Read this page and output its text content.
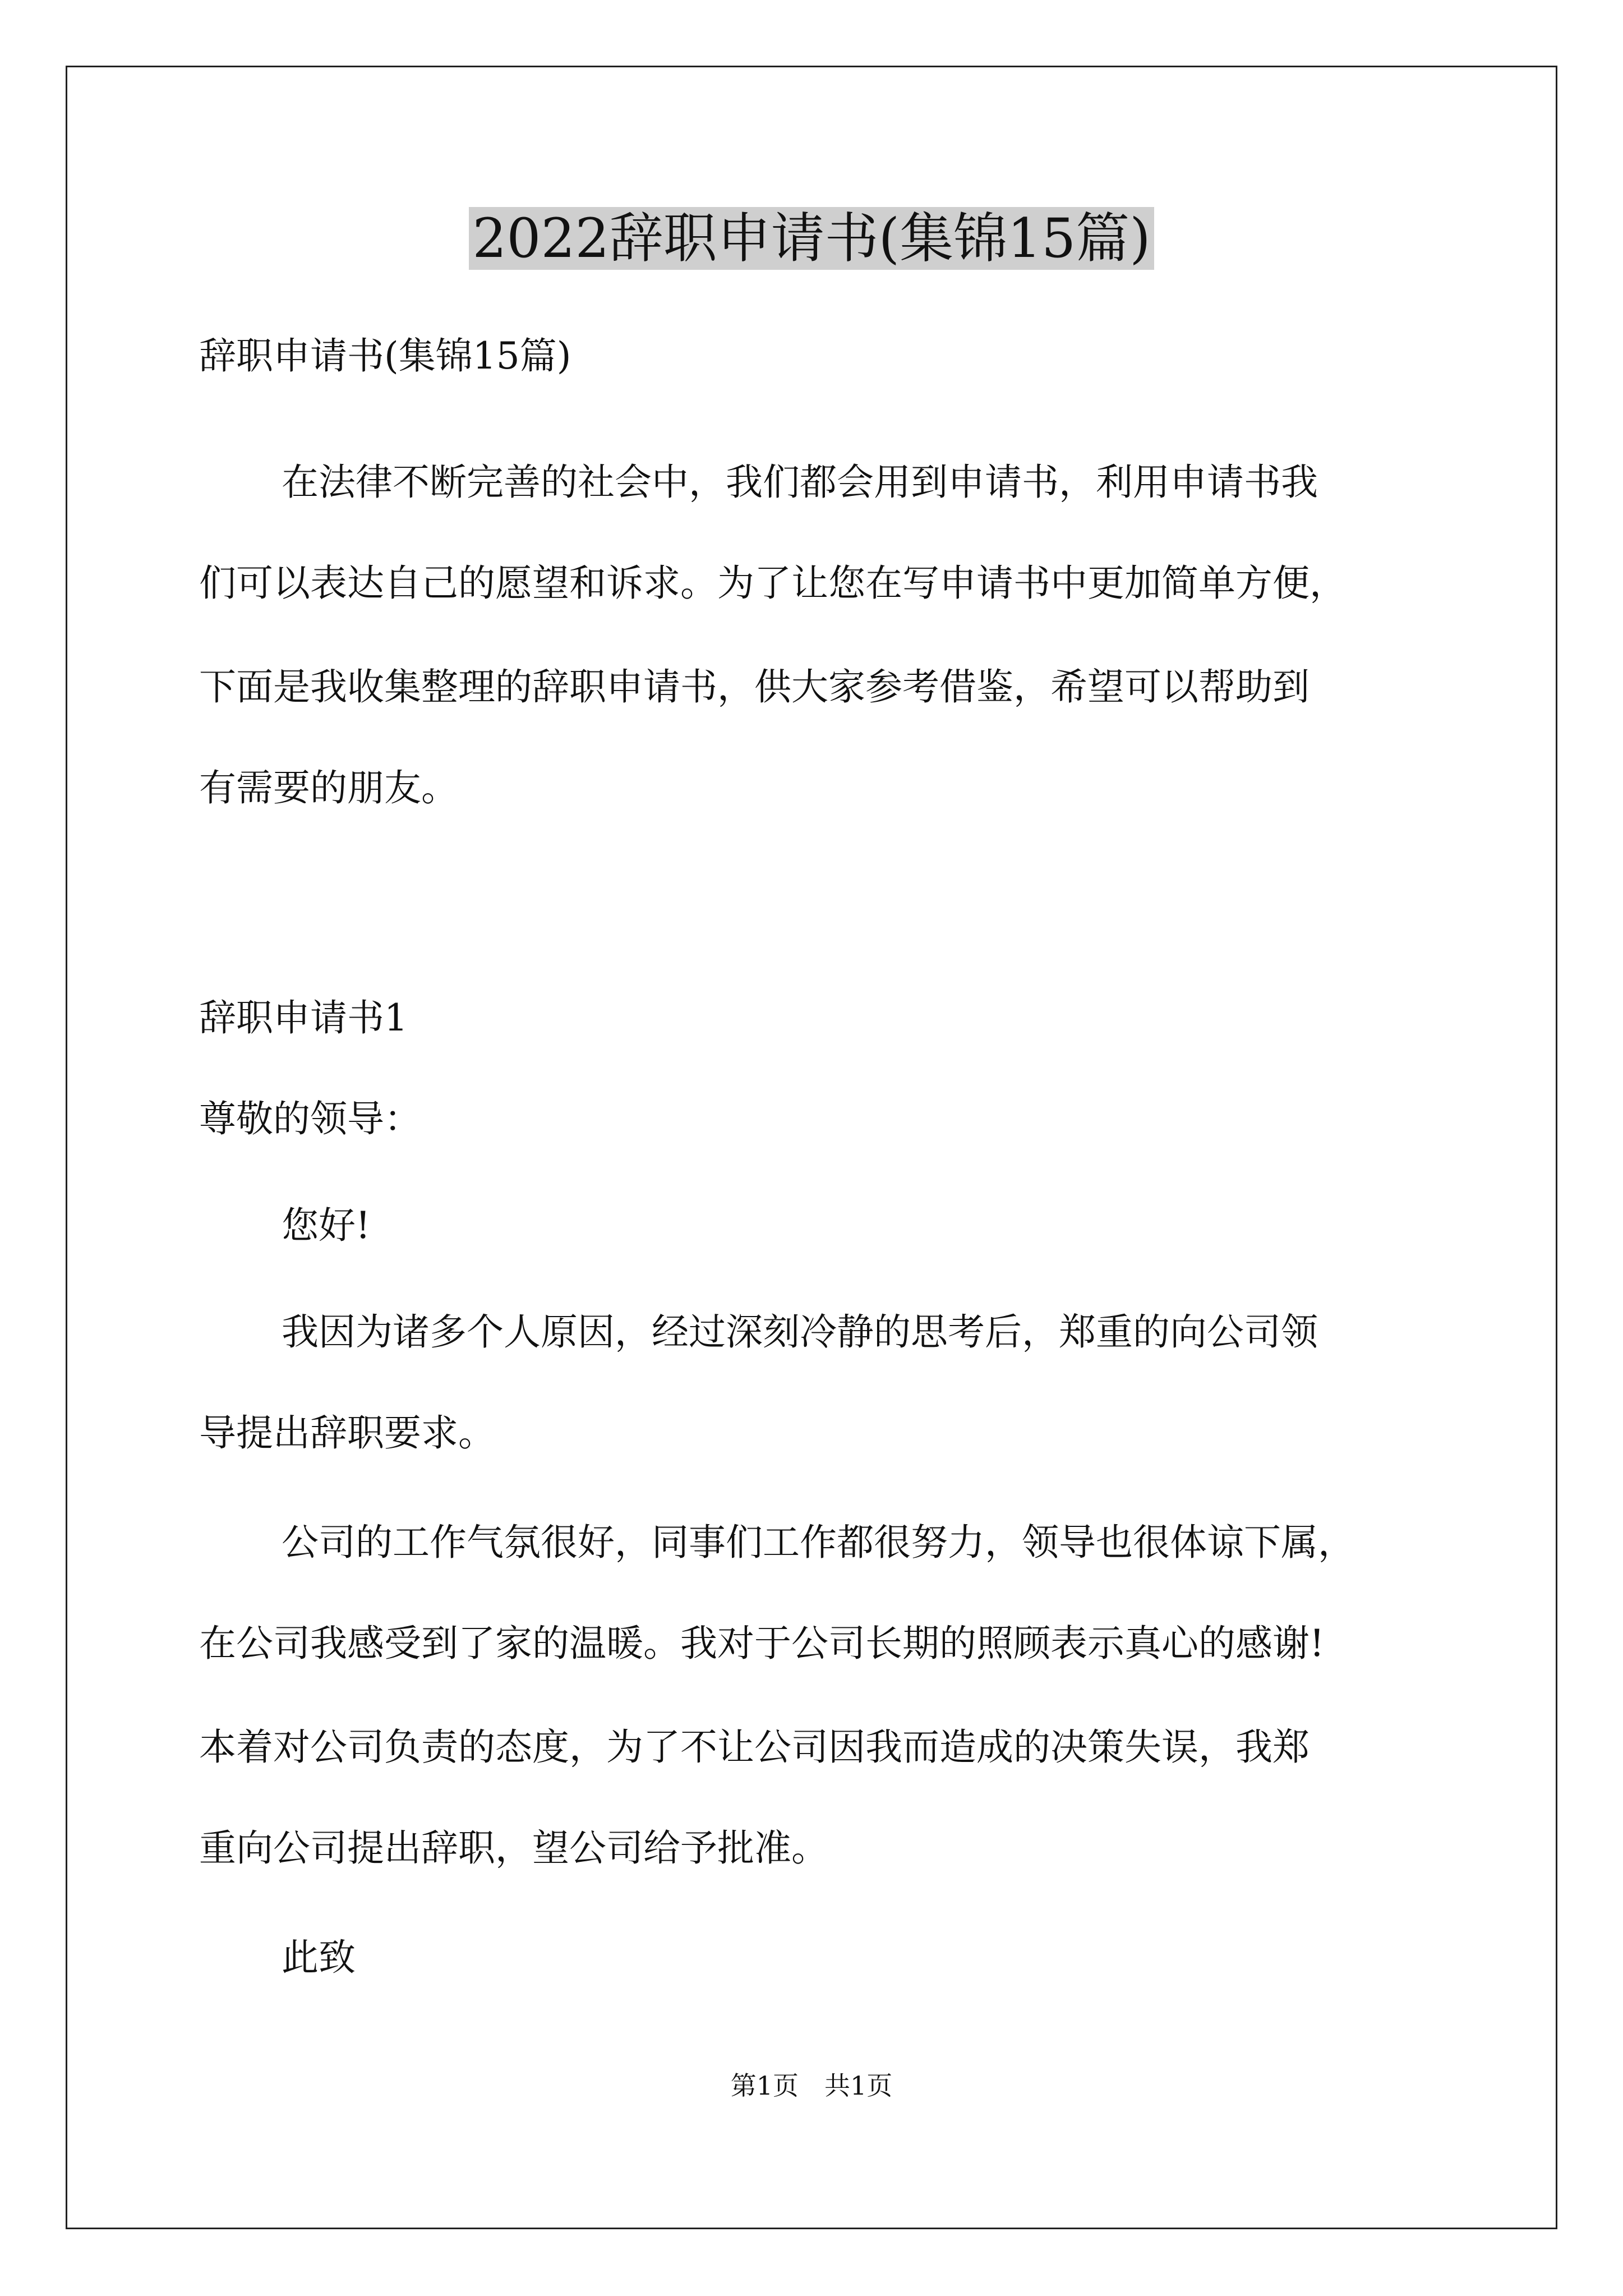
2022辞职申请书(集锦15篇)
辞职申请书(集锦15篇)
在法律不断完善的社会中，我们都会用到申请书，利用申请书我
们可以表达自己的愿望和诉求。为了让您在写申请书中更加简单方便，
下面是我收集整理的辞职申请书，供大家参考借鉴，希望可以帮助到
有需要的朋友。
辞职申请书1
尊敬的领导：
您好!
我因为诸多个人原因，经过深刻冷静的思考后，郑重的向公司领
导提出辞职要求。
公司的工作气氛很好，同事们工作都很努力，领导也很体谅下属，
在公司我感受到了家的温暖。我对于公司长期的照顾表示真心的感谢!
本着对公司负责的态度，为了不让公司因我而造成的决策失误，我郑
重向公司提出辞职，望公司给予批准。
此致
第1页　共1页
